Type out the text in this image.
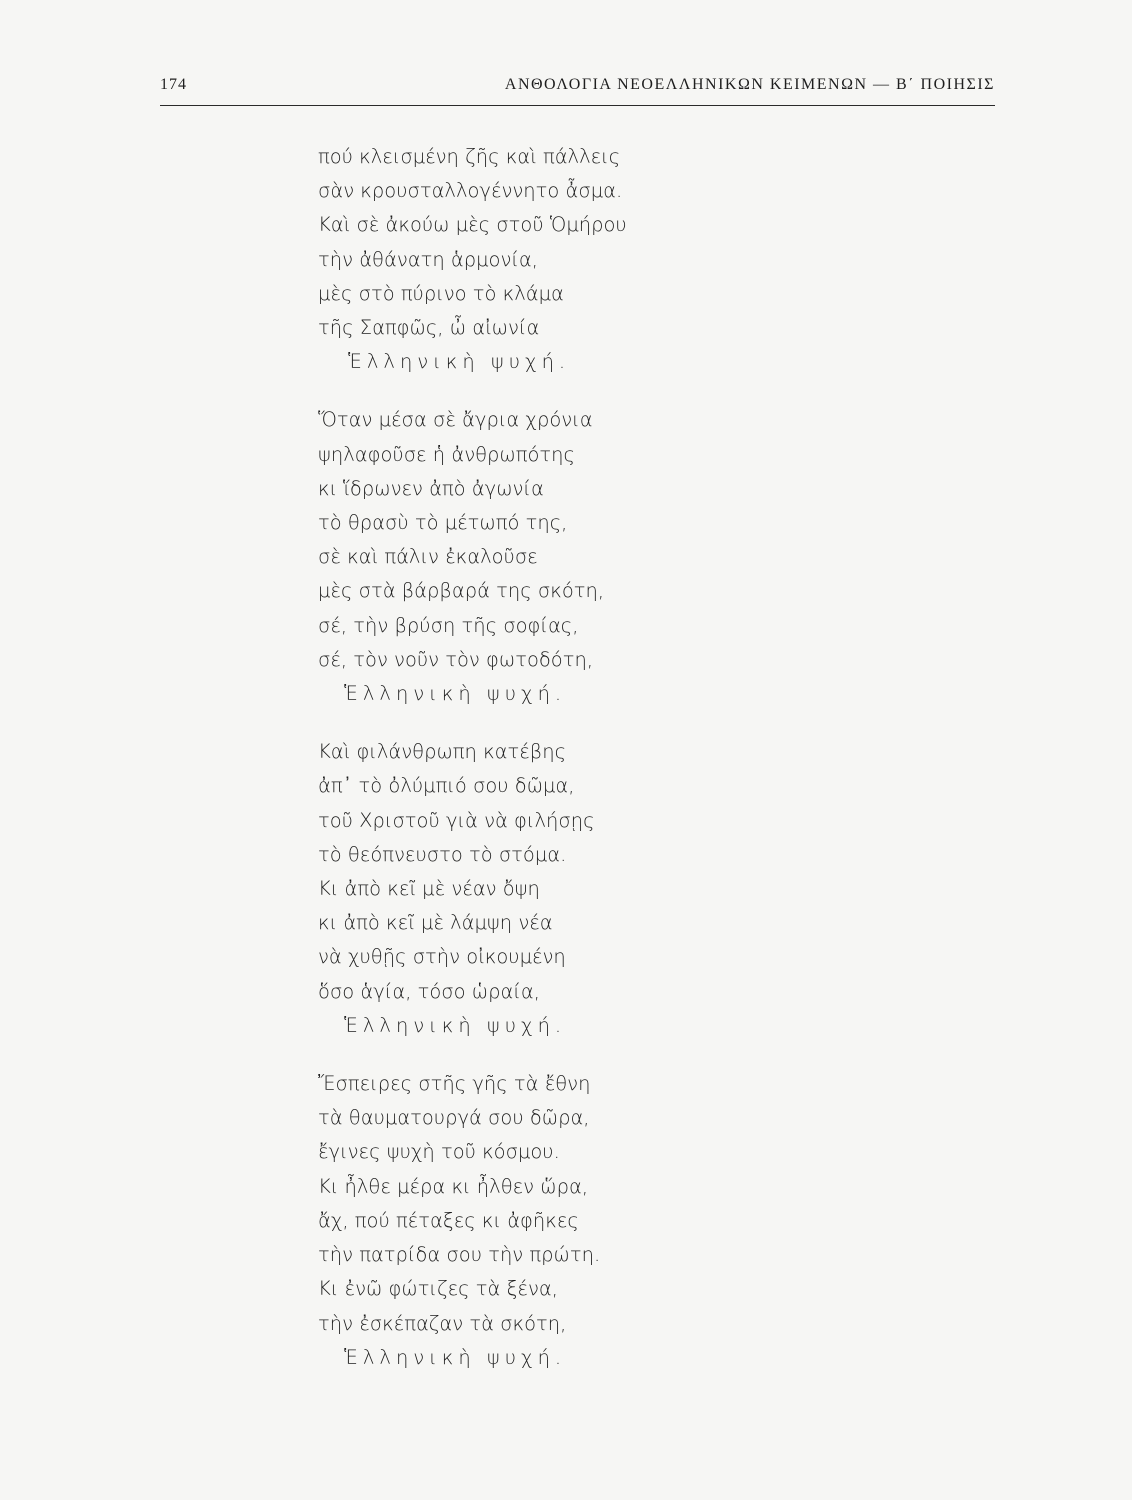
174	ΑΝΘΟΛΟΓΙΑ ΝΕΟΕΛΛΗΝΙΚΩΝ ΚΕΙΜΕΝΩΝ — Β΄ ΠΟΙΗΣΙΣ
πού κλεισμένη ζῆς καὶ πάλλεις
σὰν κρουσταλλογέννητο ἆσμα.
Καὶ σὲ ἀκούω μὲς στοῦ Ὁμήρου
τὴν ἀθάνατη ἁρμονία,
μὲς στὸ πύρινο τὸ κλάμα
τῆς Σαπφῶς, ὦ αἰωνία
Ἑλληνικὴ ψυχή.
Ὅταν μέσα σὲ ἄγρια χρόνια
ψηλαφοῦσε ἡ ἀνθρωπότης
κι ἵδρωνεν ἀπὸ ἀγωνία
τὸ θρασὺ τὸ μέτωπό της,
σὲ καὶ πάλιν ἐκαλοῦσε
μὲς στὰ βάρβαρά της σκότη,
σέ, τὴν βρύση τῆς σοφίας,
σέ, τὸν νοῦν τὸν φωτοδότη,
Ἑλληνικὴ ψυχή.
Καὶ φιλάνθρωπη κατέβης
ἀπ᾿ τὸ ὀλύμπιό σου δῶμα,
τοῦ Χριστοῦ γιὰ νὰ φιλήσῃς
τὸ θεόπνευστο τὸ στόμα.
Κι ἀπὸ κεῖ μὲ νέαν ὄψη
κι ἀπὸ κεῖ μὲ λάμψη νέα
νὰ χυθῇς στὴν οἰκουμένη
ὅσο ἁγία, τόσο ὡραία,
Ἑλληνικὴ ψυχή.
Ἔσπειρες στῆς γῆς τὰ ἔθνη
τὰ θαυματουργά σου δῶρα,
ἔγινες ψυχὴ τοῦ κόσμου.
Κι ἦλθε μέρα κι ἦλθεν ὥρα,
ἄχ, πού πέταξες κι ἀφῆκες
τὴν πατρίδα σου τὴν πρώτη.
Κι ἐνῶ φώτιζες τὰ ξένα,
τὴν ἐσκέπαζαν τὰ σκότη,
Ἑλληνικὴ ψυχή.
